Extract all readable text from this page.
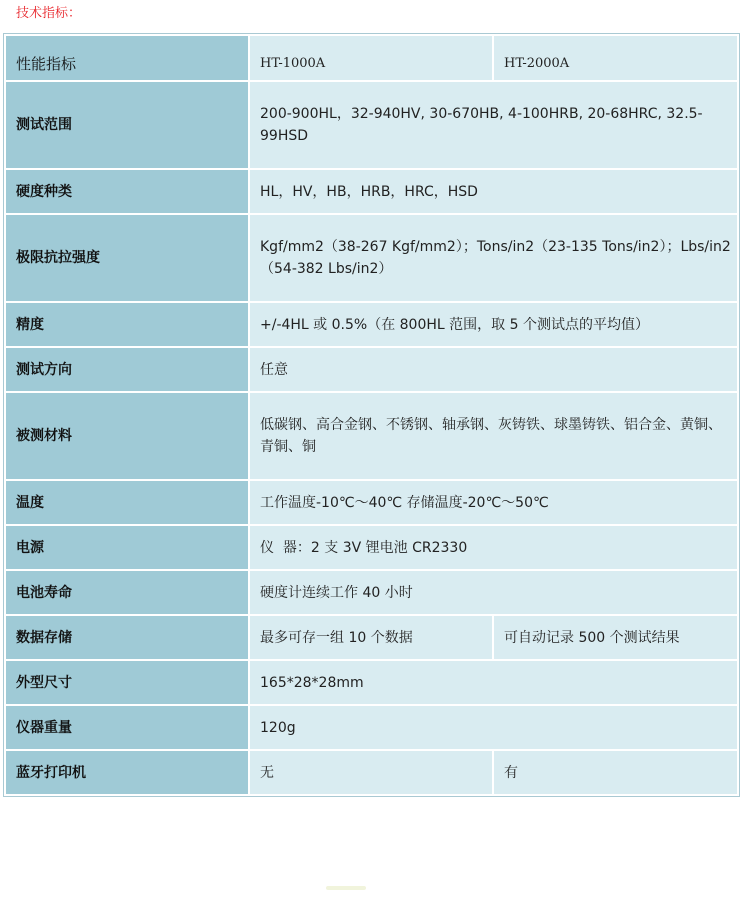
技术指标：
性能指标	HT-1000A	HT-2000A
测试范围	200-900HL，32-940HV, 30-670HB, 4-100HRB, 20-68HRC, 32.5-99HSD	
硬度种类	HL，HV，HB，HRB，HRC，HSD	
极限抗拉强度	Kgf/mm2（38-267 Kgf/mm2）；Tons/in2（23-135 Tons/in2）；Lbs/in2（54-382 Lbs/in2）	
精度	+/-4HL 或 0.5%（在 800HL 范围，取 5 个测试点的平均值）	
测试方向	任意	
被测材料	低碳钢、高合金钢、不锈钢、轴承钢、灰铸铁、球墨铸铁、铝合金、黄铜、青铜、铜	
温度	工作温度-10℃～40℃ 存储温度-20℃～50℃	
电源	仪  器：2 支 3V 锂电池 CR2330	
电池寿命	硬度计连续工作 40 小时	
数据存储	最多可存一组 10 个数据	可自动记录 500 个测试结果
外型尺寸	165*28*28mm	
仪器重量	120g	
蓝牙打印机	无	有
